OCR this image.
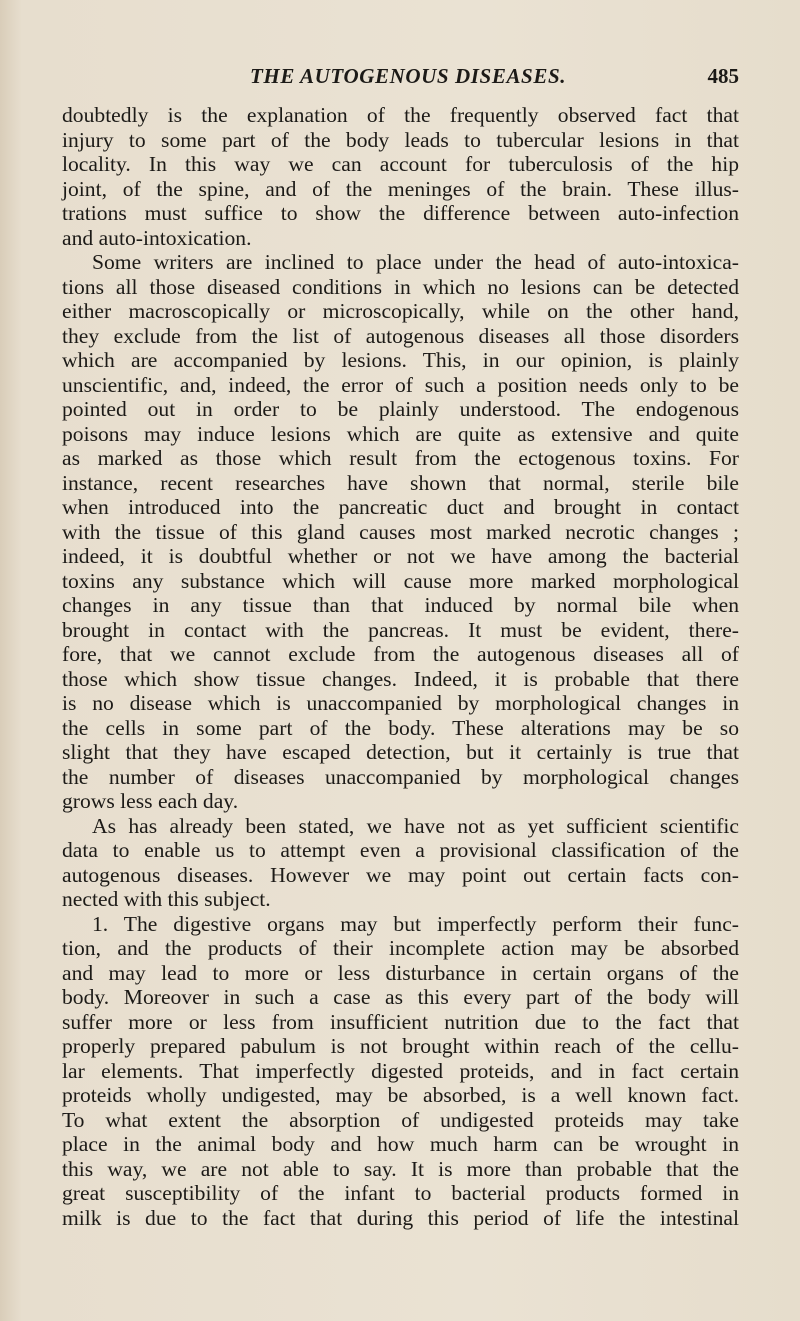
THE AUTOGENOUS DISEASES.	485
doubtedly is the explanation of the frequently observed fact that
injury to some part of the body leads to tubercular lesions in that
locality. In this way we can account for tuberculosis of the hip
joint, of the spine, and of the meninges of the brain. These illus-
trations must suffice to show the difference between auto-infection
and auto-intoxication.
Some writers are inclined to place under the head of auto-intoxica-
tions all those diseased conditions in which no lesions can be detected
either macroscopically or microscopically, while on the other hand,
they exclude from the list of autogenous diseases all those disorders
which are accompanied by lesions. This, in our opinion, is plainly
unscientific, and, indeed, the error of such a position needs only to be
pointed out in order to be plainly understood. The endogenous
poisons may induce lesions which are quite as extensive and quite
as marked as those which result from the ectogenous toxins. For
instance, recent researches have shown that normal, sterile bile
when introduced into the pancreatic duct and brought in contact
with the tissue of this gland causes most marked necrotic changes ;
indeed, it is doubtful whether or not we have among the bacterial
toxins any substance which will cause more marked morphological
changes in any tissue than that induced by normal bile when
brought in contact with the pancreas. It must be evident, there-
fore, that we cannot exclude from the autogenous diseases all of
those which show tissue changes. Indeed, it is probable that there
is no disease which is unaccompanied by morphological changes in
the cells in some part of the body. These alterations may be so
slight that they have escaped detection, but it certainly is true that
the number of diseases unaccompanied by morphological changes
grows less each day.
As has already been stated, we have not as yet sufficient scientific
data to enable us to attempt even a provisional classification of the
autogenous diseases. However we may point out certain facts con-
nected with this subject.
1. The digestive organs may but imperfectly perform their func-
tion, and the products of their incomplete action may be absorbed
and may lead to more or less disturbance in certain organs of the
body. Moreover in such a case as this every part of the body will
suffer more or less from insufficient nutrition due to the fact that
properly prepared pabulum is not brought within reach of the cellu-
lar elements. That imperfectly digested proteids, and in fact certain
proteids wholly undigested, may be absorbed, is a well known fact.
To what extent the absorption of undigested proteids may take
place in the animal body and how much harm can be wrought in
this way, we are not able to say. It is more than probable that the
great susceptibility of the infant to bacterial products formed in
milk is due to the fact that during this period of life the intestinal
